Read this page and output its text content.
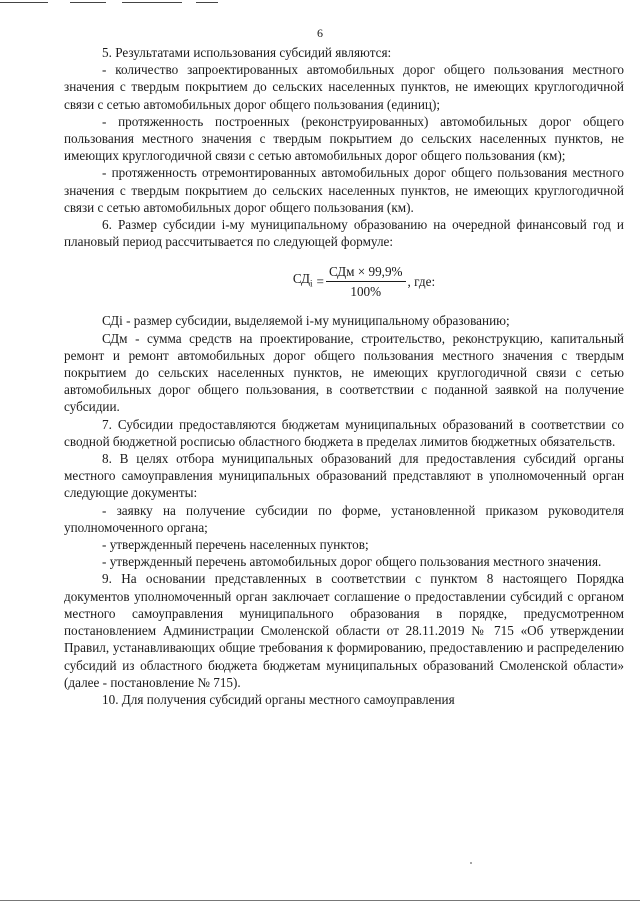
6

5. Результатами использования субсидий являются:

- количество запроектированных автомобильных дорог общего пользования местного значения с твердым покрытием до сельских населенных пунктов, не имеющих круглогодичной связи с сетью автомобильных дорог общего пользования (единиц);

- протяженность построенных (реконструированных) автомобильных дорог общего пользования местного значения с твердым покрытием до сельских населенных пунктов, не имеющих круглогодичной связи с сетью автомобильных дорог общего пользования (км);

- протяженность отремонтированных автомобильных дорог общего пользования местного значения с твердым покрытием до сельских населенных пунктов, не имеющих круглогодичной связи с сетью автомобильных дорог общего пользования (км).

6. Размер субсидии i-му муниципальному образованию на очередной финансовый год и плановый период рассчитывается по следующей формуле:

$СД_i = \frac{\text{СДм × 99,9\%}}{100\%}$ , где:

СДi - размер субсидии, выделяемой i-му муниципальному образованию;

СДм - сумма средств на проектирование, строительство, реконструкцию, капитальный ремонт и ремонт автомобильных дорог общего пользования местного значения с твердым покрытием до сельских населенных пунктов, не имеющих круглогодичной связи с сетью автомобильных дорог общего пользования, в соответствии с поданной заявкой на получение субсидии.

7. Субсидии предоставляются бюджетам муниципальных образований в соответствии со сводной бюджетной росписью областного бюджета в пределах лимитов бюджетных обязательств.

8. В целях отбора муниципальных образований для предоставления субсидий органы местного самоуправления муниципальных образований представляют в уполномоченный орган следующие документы:

- заявку на получение субсидии по форме, установленной приказом руководителя уполномоченного органа;

- утвержденный перечень населенных пунктов;

- утвержденный перечень автомобильных дорог общего пользования местного значения.

9. На основании представленных в соответствии с пунктом 8 настоящего Порядка документов уполномоченный орган заключает соглашение о предоставлении субсидий с органом местного самоуправления муниципального образования в порядке, предусмотренном постановлением Администрации Смоленской области от 28.11.2019 № 715 «Об утверждении Правил, устанавливающих общие требования к формированию, предоставлению и распределению субсидий из областного бюджета бюджетам муниципальных образований Смоленской области» (далее - постановление № 715).

10. Для получения субсидий органы местного самоуправления
